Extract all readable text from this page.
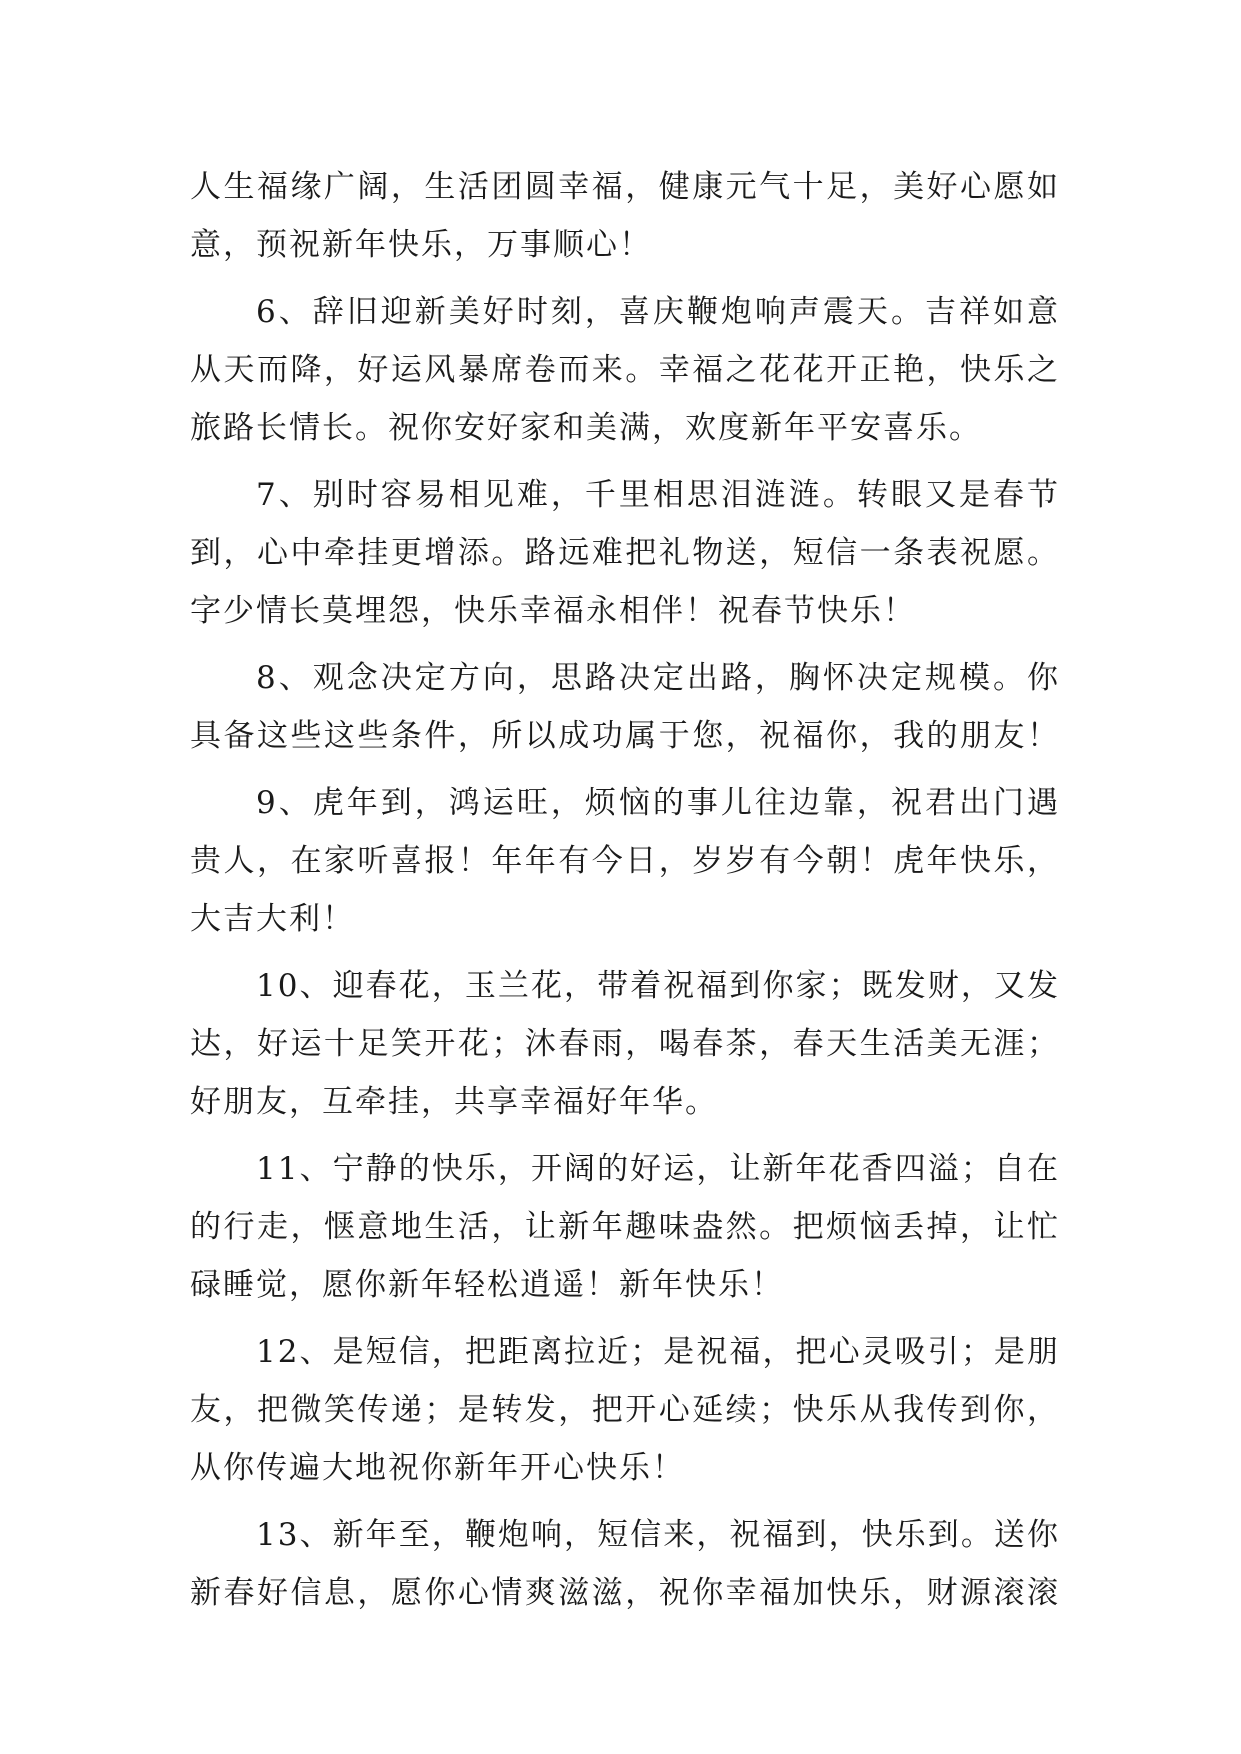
人生福缘广阔，生活团圆幸福，健康元气十足，美好心愿如
意，预祝新年快乐，万事顺心！
6、辞旧迎新美好时刻，喜庆鞭炮响声震天。吉祥如意
从天而降，好运风暴席卷而来。幸福之花花开正艳，快乐之
旅路长情长。祝你安好家和美满，欢度新年平安喜乐。
7、别时容易相见难，千里相思泪涟涟。转眼又是春节
到，心中牵挂更增添。路远难把礼物送，短信一条表祝愿。
字少情长莫埋怨，快乐幸福永相伴！祝春节快乐！
8、观念决定方向，思路决定出路，胸怀决定规模。你
具备这些这些条件，所以成功属于您，祝福你，我的朋友！
9、虎年到，鸿运旺，烦恼的事儿往边靠，祝君出门遇
贵人，在家听喜报！年年有今日，岁岁有今朝！虎年快乐，
大吉大利！
10、迎春花，玉兰花，带着祝福到你家；既发财，又发
达，好运十足笑开花；沐春雨，喝春茶，春天生活美无涯；
好朋友，互牵挂，共享幸福好年华。
11、宁静的快乐，开阔的好运，让新年花香四溢；自在
的行走，惬意地生活，让新年趣味盎然。把烦恼丢掉，让忙
碌睡觉，愿你新年轻松逍遥！新年快乐！
12、是短信，把距离拉近；是祝福，把心灵吸引；是朋
友，把微笑传递；是转发，把开心延续；快乐从我传到你，
从你传遍大地祝你新年开心快乐！
13、新年至，鞭炮响，短信来，祝福到，快乐到。送你
新春好信息，愿你心情爽滋滋，祝你幸福加快乐，财源滚滚
